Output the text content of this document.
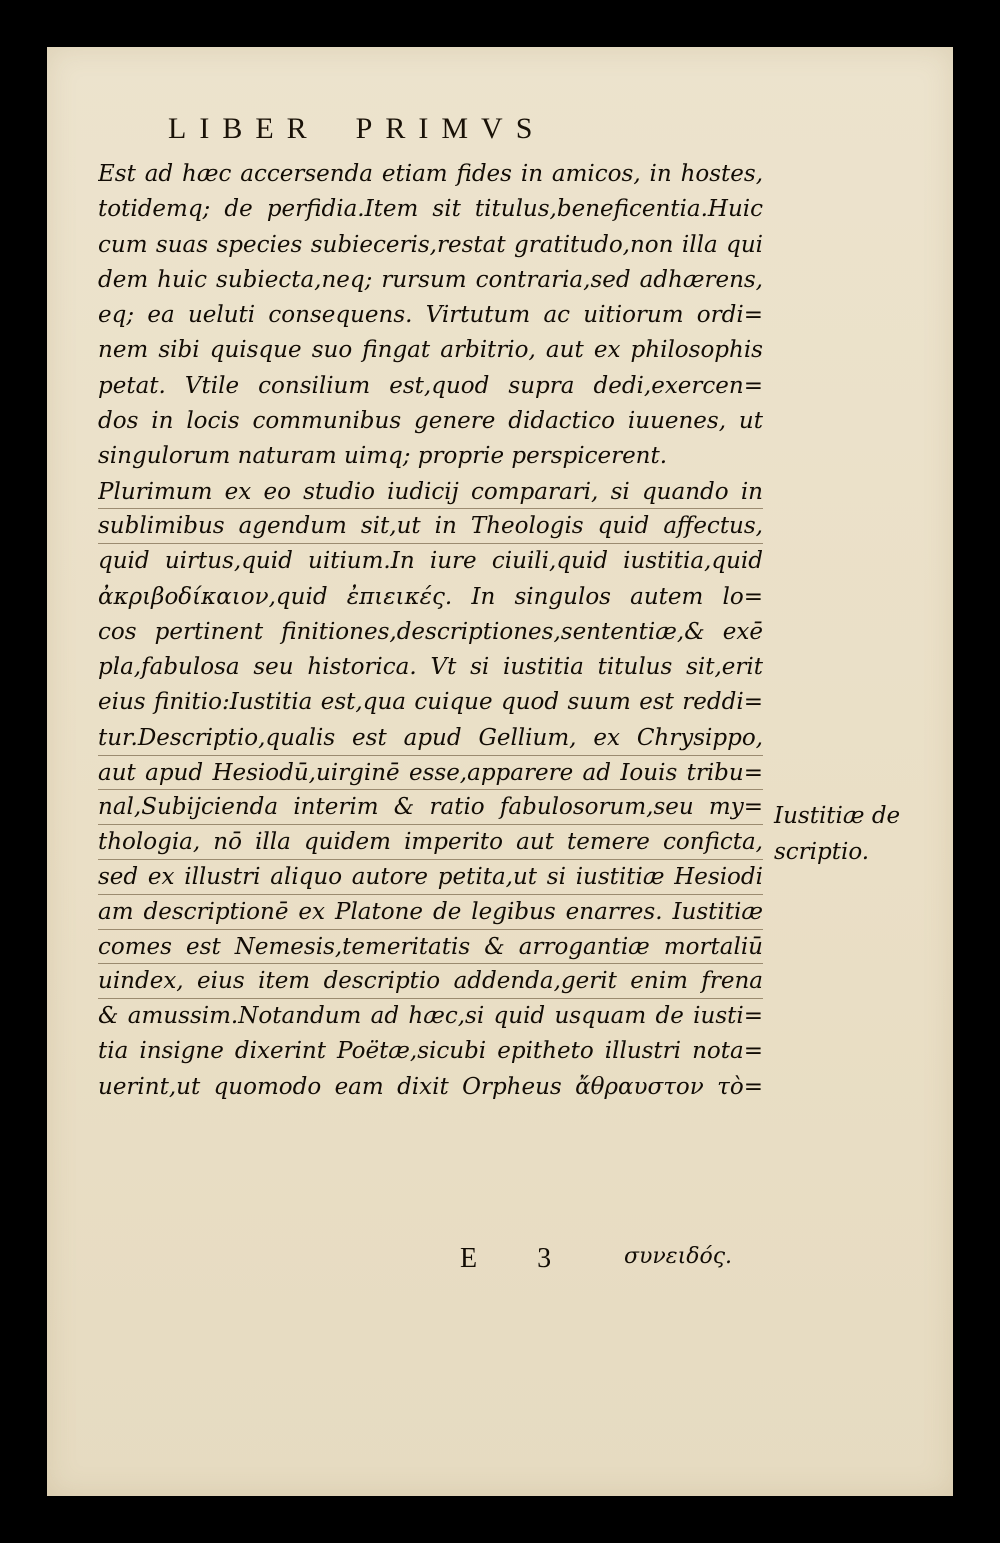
LIBER PRIMVS
Est ad hæc accersenda etiam fides in amicos, in hostes,
totidemq; de perfidia.Item sit titulus,beneficentia.Huic
cum suas species subieceris,restat gratitudo,non illa qui
dem huic subiecta,neq; rursum contraria,sed adhærens,
eq; ea ueluti consequens. Virtutum ac uitiorum ordi=
nem sibi quisque suo fingat arbitrio, aut ex philosophis
petat. Vtile consilium est,quod supra dedi,exercen=
dos in locis communibus genere didactico iuuenes, ut
singulorum naturam uimq; proprie perspicerent.
Plurimum ex eo studio iudicij comparari, si quando in
sublimibus agendum sit,ut in Theologis quid affectus,
quid uirtus,quid uitium.In iure ciuili,quid iustitia,quid
ἀκριβοδίκαιον,quid ἐπιεικές. In singulos autem lo=
cos pertinent finitiones,descriptiones,sententiæ,& exē
pla,fabulosa seu historica. Vt si iustitia titulus sit,erit
eius finitio:Iustitia est,qua cuique quod suum est reddi=
tur.Descriptio,qualis est apud Gellium, ex Chrysippo,
aut apud Hesiodū,uirginē esse,apparere ad Iouis tribu=
nal,Subijcienda interim & ratio fabulosorum,seu my=
thologia, nō illa quidem imperito aut temere conficta,
sed ex illustri aliquo autore petita,ut si iustitiæ Hesiodi
am descriptionē ex Platone de legibus enarres. Iustitiæ
comes est Nemesis,temeritatis & arrogantiæ mortaliū
uindex, eius item descriptio addenda,gerit enim frena
& amussim.Notandum ad hæc,si quid usquam de iusti=
tia insigne dixerint Poëtæ,sicubi epitheto illustri nota=
uerint,ut quomodo eam dixit Orpheus ἄθραυστον τὸ=
Iustitiæ de
scriptio.
E 3	συνειδός.
